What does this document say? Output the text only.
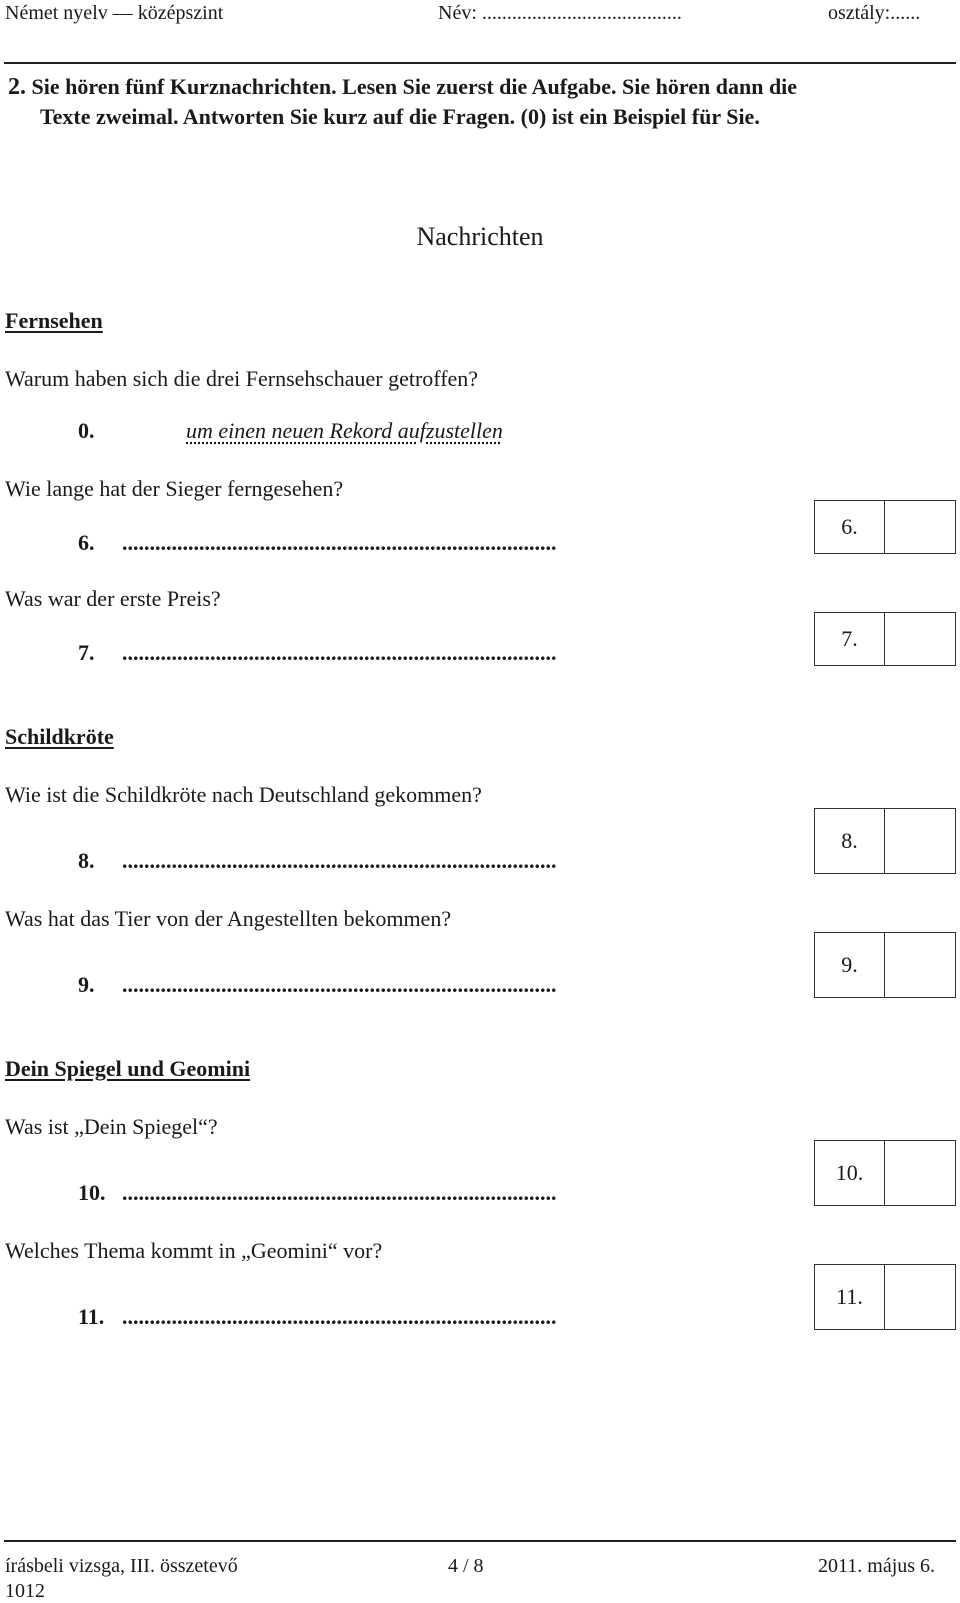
Német nyelv — középszint	Név: ........................................	osztály:......
2. Sie hören fünf Kurznachrichten. Lesen Sie zuerst die Aufgabe. Sie hören dann die
Texte zweimal. Antworten Sie kurz auf die Fragen. (0) ist ein Beispiel für Sie.
Nachrichten
Fernsehen
Warum haben sich die drei Fernsehschauer getroffen?
0.	um einen neuen Rekord aufzustellen
Wie lange hat der Sieger ferngesehen?
6. ...............................................................................
6.
Was war der erste Preis?
7. ...............................................................................
7.
Schildkröte
Wie ist die Schildkröte nach Deutschland gekommen?
8. ...............................................................................
8.
Was hat das Tier von der Angestellten bekommen?
9. ...............................................................................
9.
Dein Spiegel und Geomini
Was ist „Dein Spiegel“?
10. ...............................................................................
10.
Welches Thema kommt in „Geomini“ vor?
11. ...............................................................................
11.
írásbeli vizsga, III. összetevő	4 / 8	2011. május 6.
1012
